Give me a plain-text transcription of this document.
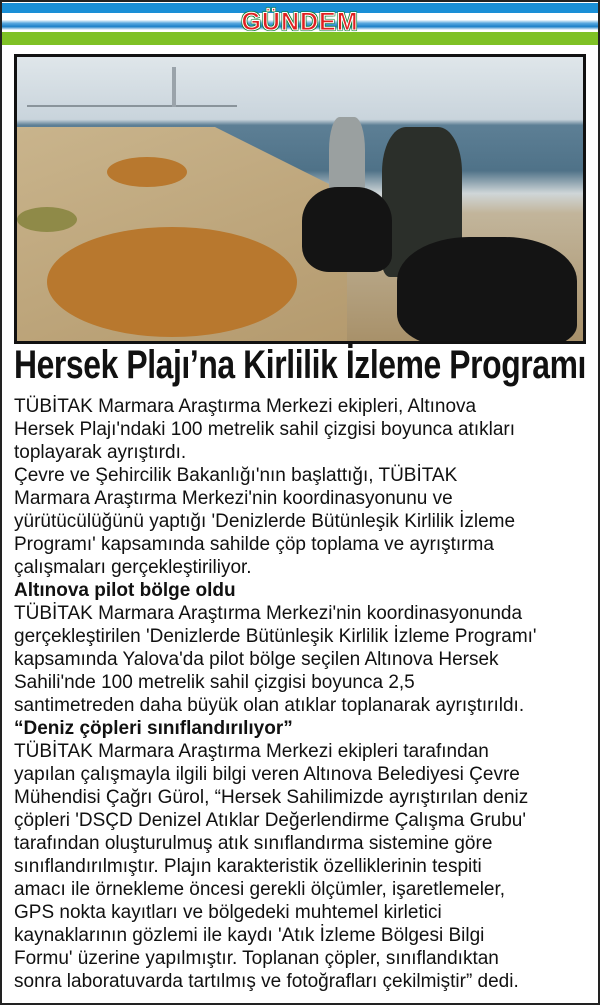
GÜNDEM
Hersek Plajı’na Kirlilik İzleme Programı
TÜBİTAK Marmara Araştırma Merkezi ekipleri, Altınova
Hersek Plajı'ndaki 100 metrelik sahil çizgisi boyunca atıkları
toplayarak ayrıştırdı.
Çevre ve Şehircilik Bakanlığı'nın başlattığı, TÜBİTAK
Marmara Araştırma Merkezi'nin koordinasyonunu ve
yürütücülüğünü yaptığı 'Denizlerde Bütünleşik Kirlilik İzleme
Programı' kapsamında sahilde çöp toplama ve ayrıştırma
çalışmaları gerçekleştiriliyor.
Altınova pilot bölge oldu
TÜBİTAK Marmara Araştırma Merkezi'nin koordinasyonunda
gerçekleştirilen 'Denizlerde Bütünleşik Kirlilik İzleme Programı'
kapsamında Yalova'da pilot bölge seçilen Altınova Hersek
Sahili'nde 100 metrelik sahil çizgisi boyunca 2,5
santimetreden daha büyük olan atıklar toplanarak ayrıştırıldı.
“Deniz çöpleri sınıflandırılıyor”
TÜBİTAK Marmara Araştırma Merkezi ekipleri tarafından
yapılan çalışmayla ilgili bilgi veren Altınova Belediyesi Çevre
Mühendisi Çağrı Gürol, “Hersek Sahilimizde ayrıştırılan deniz
çöpleri 'DSÇD Denizel Atıklar Değerlendirme Çalışma Grubu'
tarafından oluşturulmuş atık sınıflandırma sistemine göre
sınıflandırılmıştır. Plajın karakteristik özelliklerinin tespiti
amacı ile örnekleme öncesi gerekli ölçümler, işaretlemeler,
GPS nokta kayıtları ve bölgedeki muhtemel kirletici
kaynaklarının gözlemi ile kaydı 'Atık İzleme Bölgesi Bilgi
Formu' üzerine yapılmıştır. Toplanan çöpler, sınıflandıktan
sonra laboratuvarda tartılmış ve fotoğrafları çekilmiştir” dedi.
